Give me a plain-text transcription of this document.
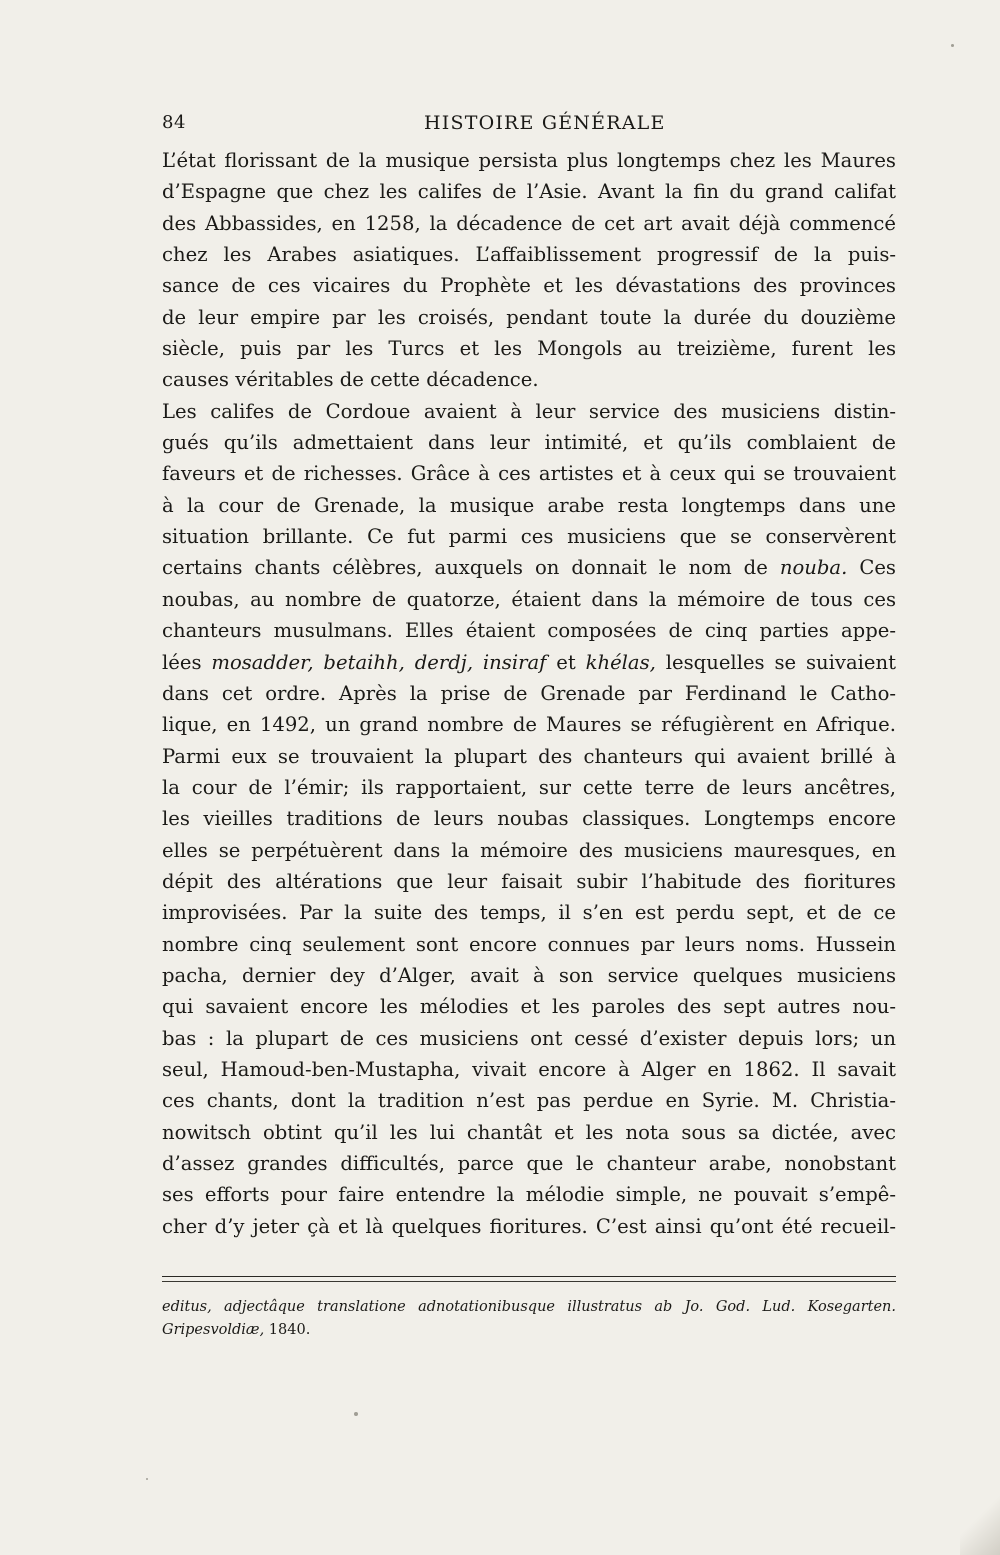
84	HISTOIRE GÉNÉRALE
L’état florissant de la musique persista plus longtemps chez les Maures
d’Espagne que chez les califes de l’Asie. Avant la fin du grand califat
des Abbassides, en 1258, la décadence de cet art avait déjà commencé
chez les Arabes asiatiques. L’affaiblissement progressif de la puis-
sance de ces vicaires du Prophète et les dévastations des provinces
de leur empire par les croisés, pendant toute la durée du douzième
siècle, puis par les Turcs et les Mongols au treizième, furent les
causes véritables de cette décadence.
Les califes de Cordoue avaient à leur service des musiciens distin-
gués qu’ils admettaient dans leur intimité, et qu’ils comblaient de
faveurs et de richesses. Grâce à ces artistes et à ceux qui se trouvaient
à la cour de Grenade, la musique arabe resta longtemps dans une
situation brillante. Ce fut parmi ces musiciens que se conservèrent
certains chants célèbres, auxquels on donnait le nom de nouba. Ces
noubas, au nombre de quatorze, étaient dans la mémoire de tous ces
chanteurs musulmans. Elles étaient composées de cinq parties appe-
lées mosadder, betaihh, derdj, insiraf et khélas, lesquelles se suivaient
dans cet ordre. Après la prise de Grenade par Ferdinand le Catho-
lique, en 1492, un grand nombre de Maures se réfugièrent en Afrique.
Parmi eux se trouvaient la plupart des chanteurs qui avaient brillé à
la cour de l’émir; ils rapportaient, sur cette terre de leurs ancêtres,
les vieilles traditions de leurs noubas classiques. Longtemps encore
elles se perpétuèrent dans la mémoire des musiciens mauresques, en
dépit des altérations que leur faisait subir l’habitude des fioritures
improvisées. Par la suite des temps, il s’en est perdu sept, et de ce
nombre cinq seulement sont encore connues par leurs noms. Hussein
pacha, dernier dey d’Alger, avait à son service quelques musiciens
qui savaient encore les mélodies et les paroles des sept autres nou-
bas : la plupart de ces musiciens ont cessé d’exister depuis lors; un
seul, Hamoud-ben-Mustapha, vivait encore à Alger en 1862. Il savait
ces chants, dont la tradition n’est pas perdue en Syrie. M. Christia-
nowitsch obtint qu’il les lui chantât et les nota sous sa dictée, avec
d’assez grandes difficultés, parce que le chanteur arabe, nonobstant
ses efforts pour faire entendre la mélodie simple, ne pouvait s’empê-
cher d’y jeter çà et là quelques fioritures. C’est ainsi qu’ont été recueil-
editus, adjectâque translatione adnotationibusque illustratus ab Jo. God. Lud. Kosegarten.
Gripesvoldiæ, 1840.
